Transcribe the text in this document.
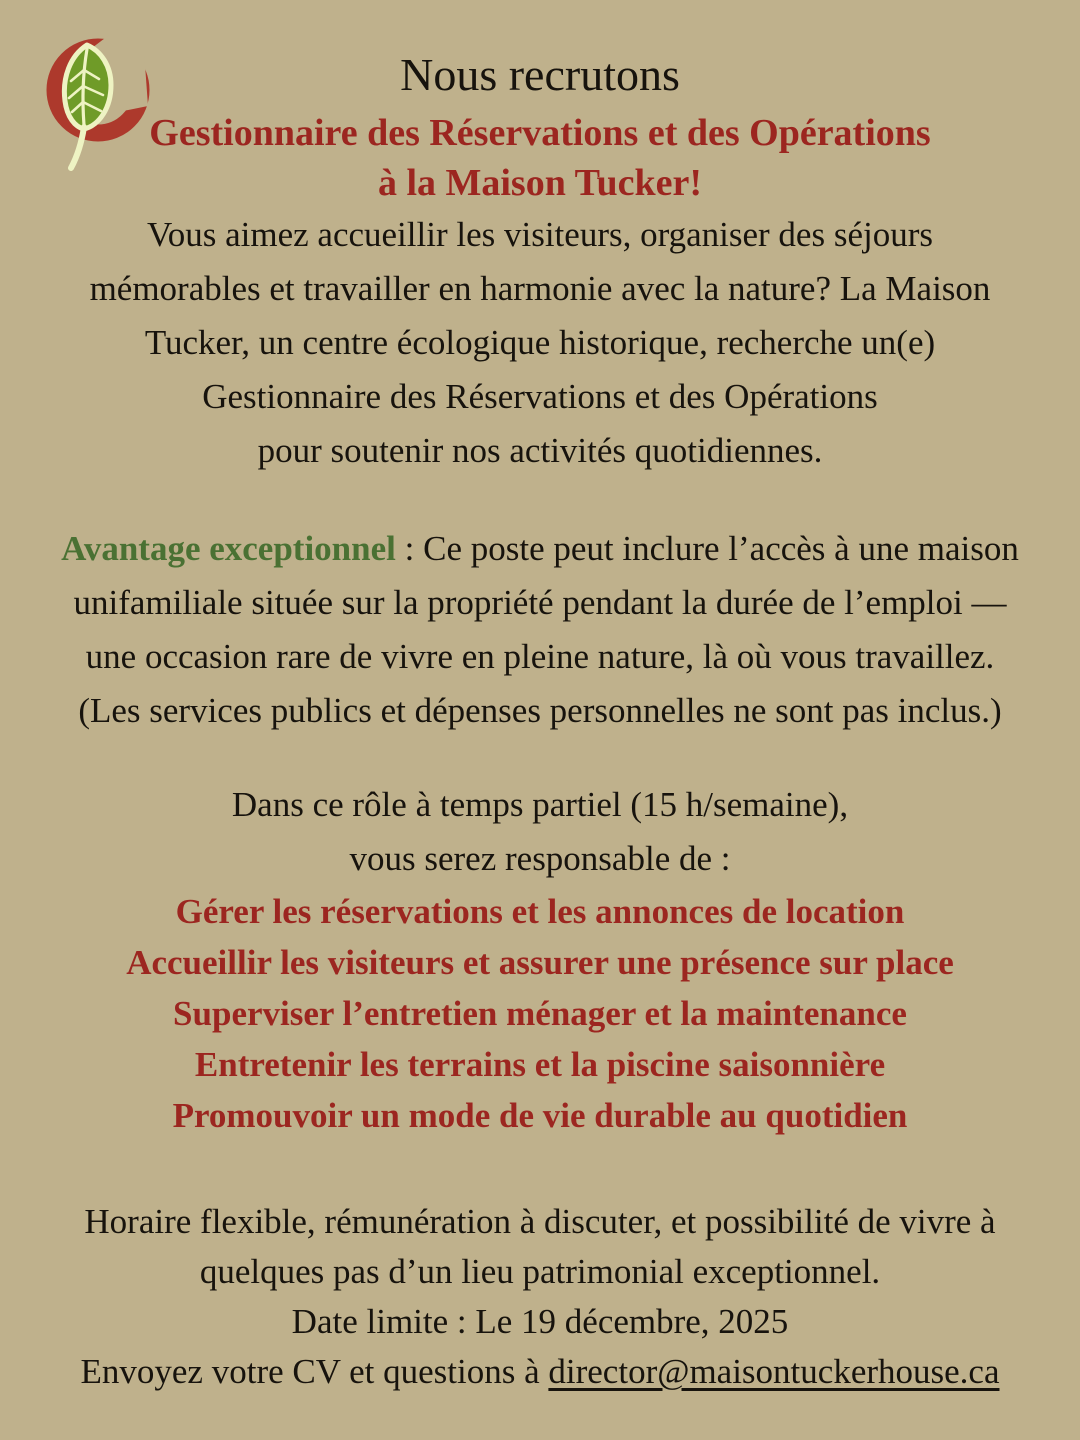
Nous recrutons
Gestionnaire des Réservations et des Opérations
à la Maison Tucker!
Vous aimez accueillir les visiteurs, organiser des séjours
mémorables et travailler en harmonie avec la nature? La Maison
Tucker, un centre écologique historique, recherche un(e)
Gestionnaire des Réservations et des Opérations
pour soutenir nos activités quotidiennes.
Avantage exceptionnel : Ce poste peut inclure l’accès à une maison
unifamiliale située sur la propriété pendant la durée de l’emploi —
une occasion rare de vivre en pleine nature, là où vous travaillez.
(Les services publics et dépenses personnelles ne sont pas inclus.)
Dans ce rôle à temps partiel (15 h/semaine),
vous serez responsable de :
Gérer les réservations et les annonces de location
Accueillir les visiteurs et assurer une présence sur place
Superviser l’entretien ménager et la maintenance
Entretenir les terrains et la piscine saisonnière
Promouvoir un mode de vie durable au quotidien
Horaire flexible, rémunération à discuter, et possibilité de vivre à
quelques pas d’un lieu patrimonial exceptionnel.
Date limite : Le 19 décembre, 2025
Envoyez votre CV et questions à director@maisontuckerhouse.ca
